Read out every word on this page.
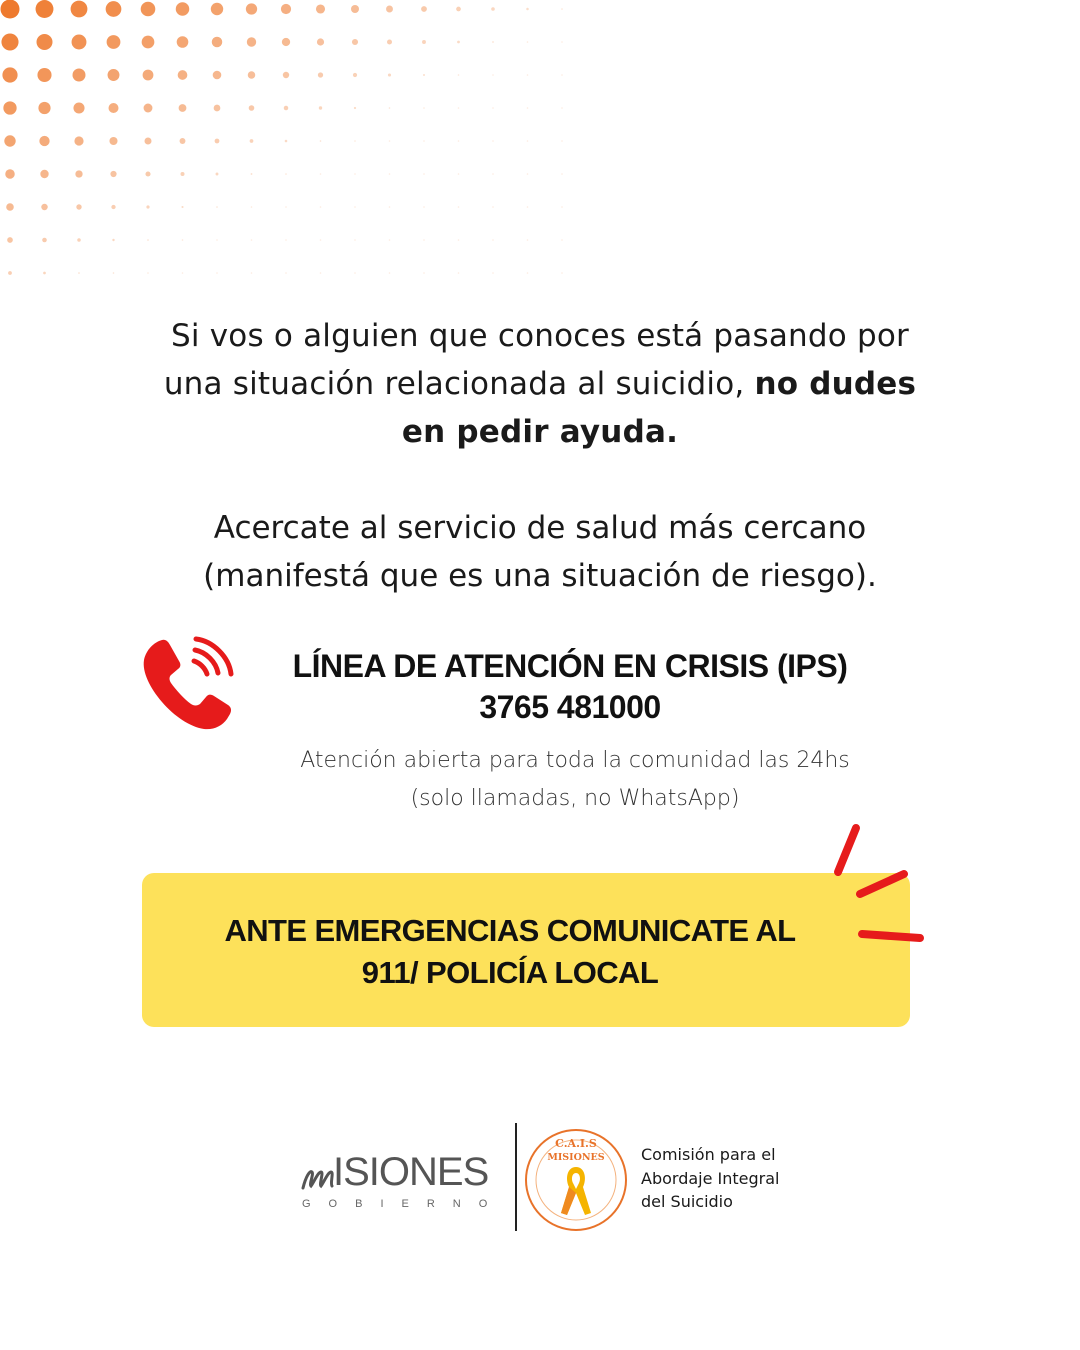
Si vos o alguien que conoces está pasando por
una situación relacionada al suicidio, no dudes
en pedir ayuda.
Acercate al servicio de salud más cercano
(manifestá que es una situación de riesgo).
LÍNEA DE ATENCIÓN EN CRISIS (IPS)
3765 481000
Atención abierta para toda la comunidad las 24hs
(solo llamadas, no WhatsApp)
ANTE EMERGENCIAS COMUNICATE AL
911/ POLICÍA LOCAL
ISIONES
GOBIERNO
C.A.I.S
MISIONES Comisión para el
Abordaje Integral
del Suicidio
